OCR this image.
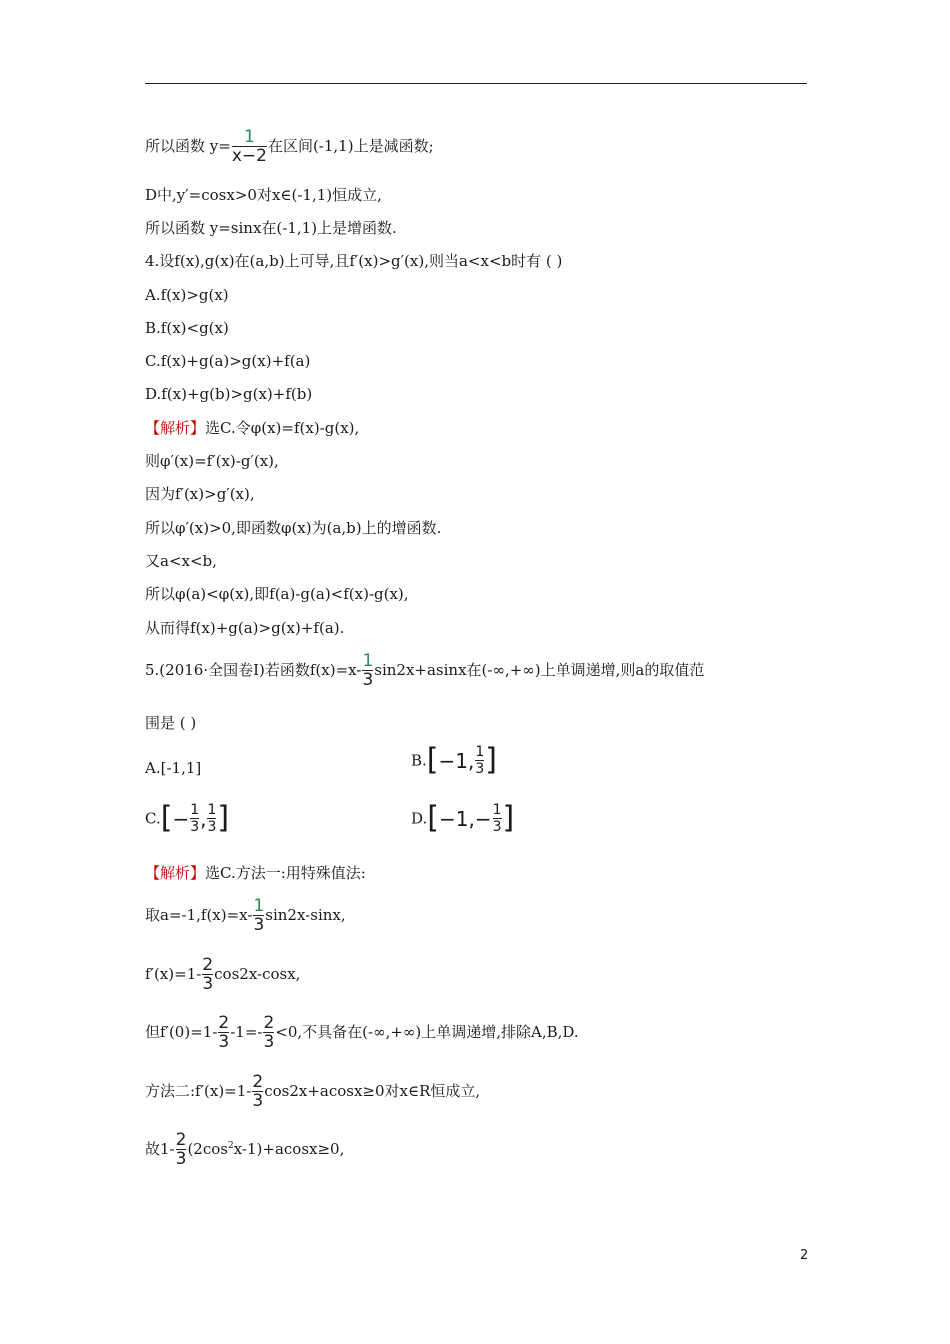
所以函数 $y= \frac{1}{x-2}$ 在区间(-1,1)上是减函数;
D中,y′=cosx>0对x∈(-1,1)恒成立,
所以函数 y=sinx在(-1,1)上是增函数.
4.设f(x),g(x)在(a,b)上可导,且f′(x)>g′(x),则当a<x<b时有 ( )
A.f(x)>g(x)
B.f(x)<g(x)
C.f(x)+g(a)>g(x)+f(a)
D.f(x)+g(b)>g(x)+f(b)
【解析】选C.令φ(x)=f(x)-g(x),
则φ′(x)=f′(x)-g′(x),
因为f′(x)>g′(x),
所以φ′(x)>0,即函数φ(x)为(a,b)上的增函数.
又a<x<b,
所以φ(a)<φ(x),即f(a)-g(a)<f(x)-g(x),
从而得f(x)+g(a)>g(x)+f(a).
5.(2016·全国卷Ⅰ)若函数$f(x)=x- \frac{1}{3} \sin 2x+asinx$在(-∞,+∞)上单调递增,则a的取值范
围是 ( )
A.[-1,1]	B.[−1, $\frac{1}{3}$ ]
$C.[- \frac{1}{3}$ , $\frac{1}{3}$ ]	$D.[-1,- \frac{1}{3}$ ]
【解析】选C.方法一:用特殊值法:
取$a=-1,f(x)=x- \frac{1}{3} \sin 2x-\sin x$,
$f'(x)=1- \frac{2}{3} \cos 2x-\cos x$,
但$f'(0)=1- \frac{2}{3} -1=- \frac{2}{3} <0$,不具备在(-∞,+∞)上单调递增,排除A,B,D.
方法二:f′(x)=1- $\frac{2}{3} \cos 2x+acosx\ge 0$对x∈R恒成立,
故$1- \frac{2}{3} (2\cos^2x-1)+acosx\ge 0$,
2
